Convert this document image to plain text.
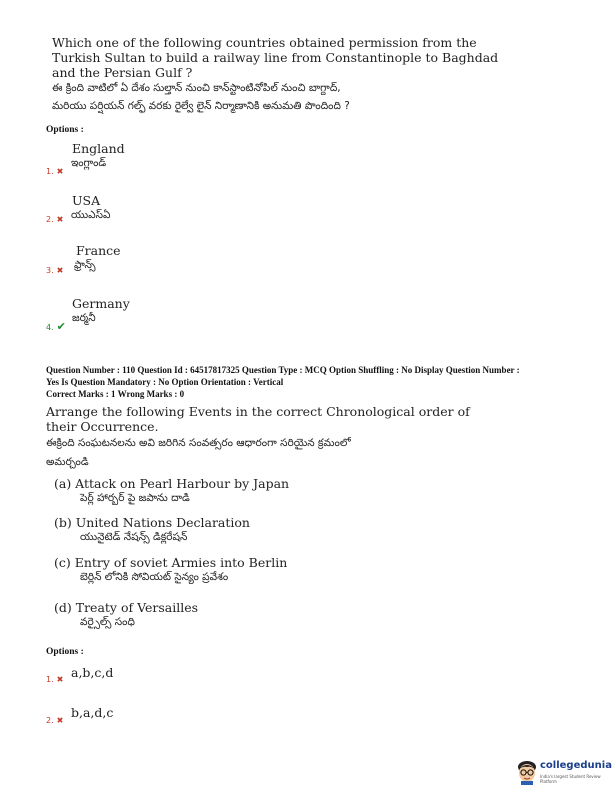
Which one of the following countries obtained permission from the
Turkish Sultan to build a railway line from Constantinople to Baghdad
and the Persian Gulf ?
ఈ క్రింది వాటిలో ఏ దేశం సుల్తాన్ నుంచి కాన్‌స్టాంటినోపిల్ నుంచి బాగ్దాద్,
మరియు పర్షియన్ గల్ఫ్ వరకు రైల్వే లైన్ నిర్మాణానికి అనుమతి పొందింది ?
Options :
England
ఇంగ్లాండ్
1. ✖
USA
యుఎస్ఏ
2. ✖
France
ఫ్రాన్స్
3. ✖
Germany
జర్మనీ
4. ✔
Question Number : 110 Question Id : 64517817325 Question Type : MCQ Option Shuffling : No Display Question Number :
Yes Is Question Mandatory : No Option Orientation : Vertical
Correct Marks : 1 Wrong Marks : 0
Arrange the following Events in the correct Chronological order of
their Occurrence.
ఈక్రింది సంఘటనలను అవి జరిగిన సంవత్సరం ఆధారంగా సరియైన క్రమంలో
అమర్చండి
(a) Attack on Pearl Harbour by Japan
పెర్ల్ హార్బర్ పై జపాను దాడి
(b) United Nations Declaration
యునైటెడ్ నేషన్స్ డిక్లరేషన్
(c) Entry of soviet Armies into Berlin
బెర్లిన్ లోనికి సోవియట్ సైన్యం ప్రవేశం
(d) Treaty of Versailles
వర్సైల్స్ సంధి
Options :
a,b,c,d
1. ✖
b,a,d,c
2. ✖
collegedunia
India's largest Student Review Platform
